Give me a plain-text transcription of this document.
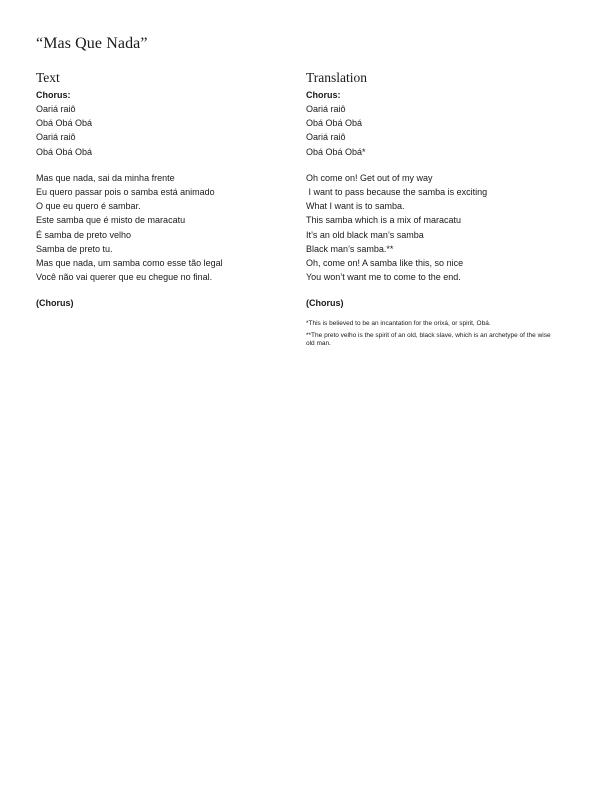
“Mas Que Nada”
Text
Chorus:
Oariá raiô
Obá Obá Obá
Oariá raiô
Obá Obá Obá
Mas que nada, sai da minha frente
Eu quero passar pois o samba está animado
O que eu quero é sambar.
Este samba que é misto de maracatu
É samba de preto velho
Samba de preto tu.
Mas que nada, um samba como esse tão legal
Você não vai querer que eu chegue no final.
(Chorus)
Translation
Chorus:
Oariá raiô
Obá Obá Obá
Oariá raiô
Obá Obá Obá*
Oh come on! Get out of my way
I want to pass because the samba is exciting
What I want is to samba.
This samba which is a mix of maracatu
It’s an old black man’s samba
Black man’s samba.**
Oh, come on! A samba like this, so nice
You won’t want me to come to the end.
(Chorus)
*This is believed to be an incantation for the orixá, or spirit, Obá.
**The preto velho is the spirit of an old, black slave, which is an archetype of the wise old man.
